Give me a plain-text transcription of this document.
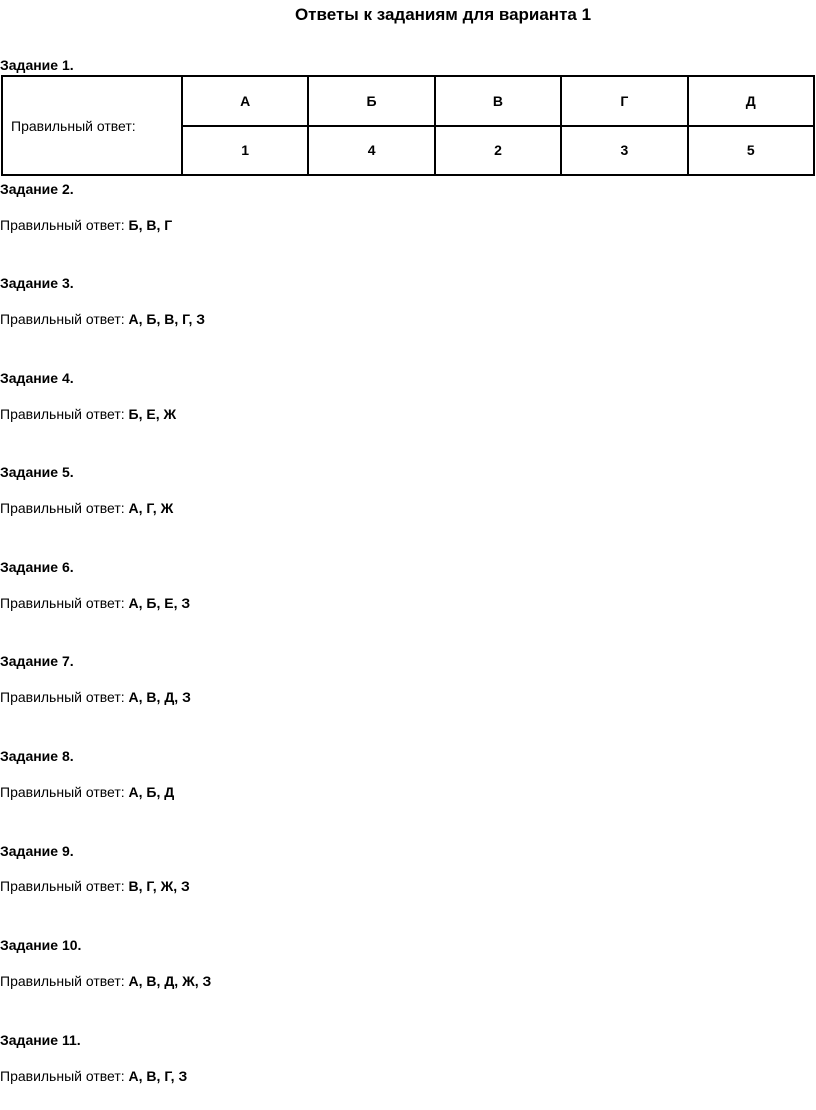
Ответы к заданиям для варианта 1
Задание 1.
Правильный ответ:	А	Б	В	Г	Д
	1	4	2	3	5
Задание 2.
Правильный ответ: Б, В, Г
Задание 3.
Правильный ответ: А, Б, В, Г, З
Задание 4.
Правильный ответ: Б, Е, Ж
Задание 5.
Правильный ответ: А, Г, Ж
Задание 6.
Правильный ответ: А, Б, Е, З
Задание 7.
Правильный ответ: А, В, Д, З
Задание 8.
Правильный ответ: А, Б, Д
Задание 9.
Правильный ответ: В, Г, Ж, З
Задание 10.
Правильный ответ: А, В, Д, Ж, З
Задание 11.
Правильный ответ: А, В, Г, З
